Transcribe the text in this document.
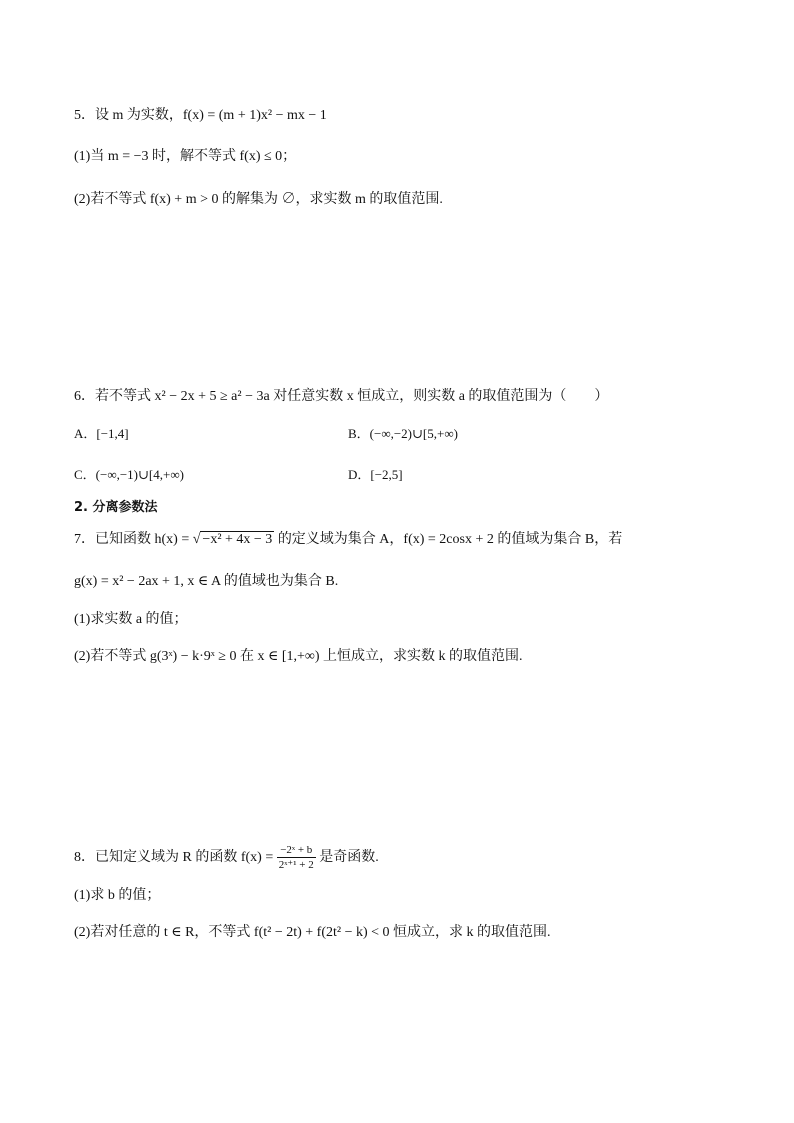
5．设 m 为实数，f(x) = (m + 1)x² − mx − 1
(1)当 m = −3 时，解不等式 f(x) ≤ 0；
(2)若不等式 f(x) + m > 0 的解集为 ∅，求实数 m 的取值范围.
6．若不等式 x² − 2x + 5 ≥ a² − 3a 对任意实数 x 恒成立，则实数 a 的取值范围为（　　）
A．[−1,4]	B．(−∞,−2)∪[5,+∞)
C．(−∞,−1)∪[4,+∞)	D．[−2,5]
2. 分离参数法
7．已知函数 h(x) = √ −x² + 4x − 3 的定义域为集合 A，f(x) = 2cosx + 2 的值域为集合 B，若
g(x) = x² − 2ax + 1, x ∈ A 的值域也为集合 B.
(1)求实数 a 的值；
(2)若不等式 g(3ˣ) − k·9ˣ ≥ 0 在 x ∈ [1,+∞) 上恒成立，求实数 k 的取值范围.
8．已知定义域为 R 的函数 $f(x) = \frac{\text{−2ˣ + b}}{\text{2ˣ⁺¹ + 2}}$ 是奇函数.
(1)求 b 的值；
(2)若对任意的 t ∈ R，不等式 f(t² − 2t) + f(2t² − k) < 0 恒成立，求 k 的取值范围.
